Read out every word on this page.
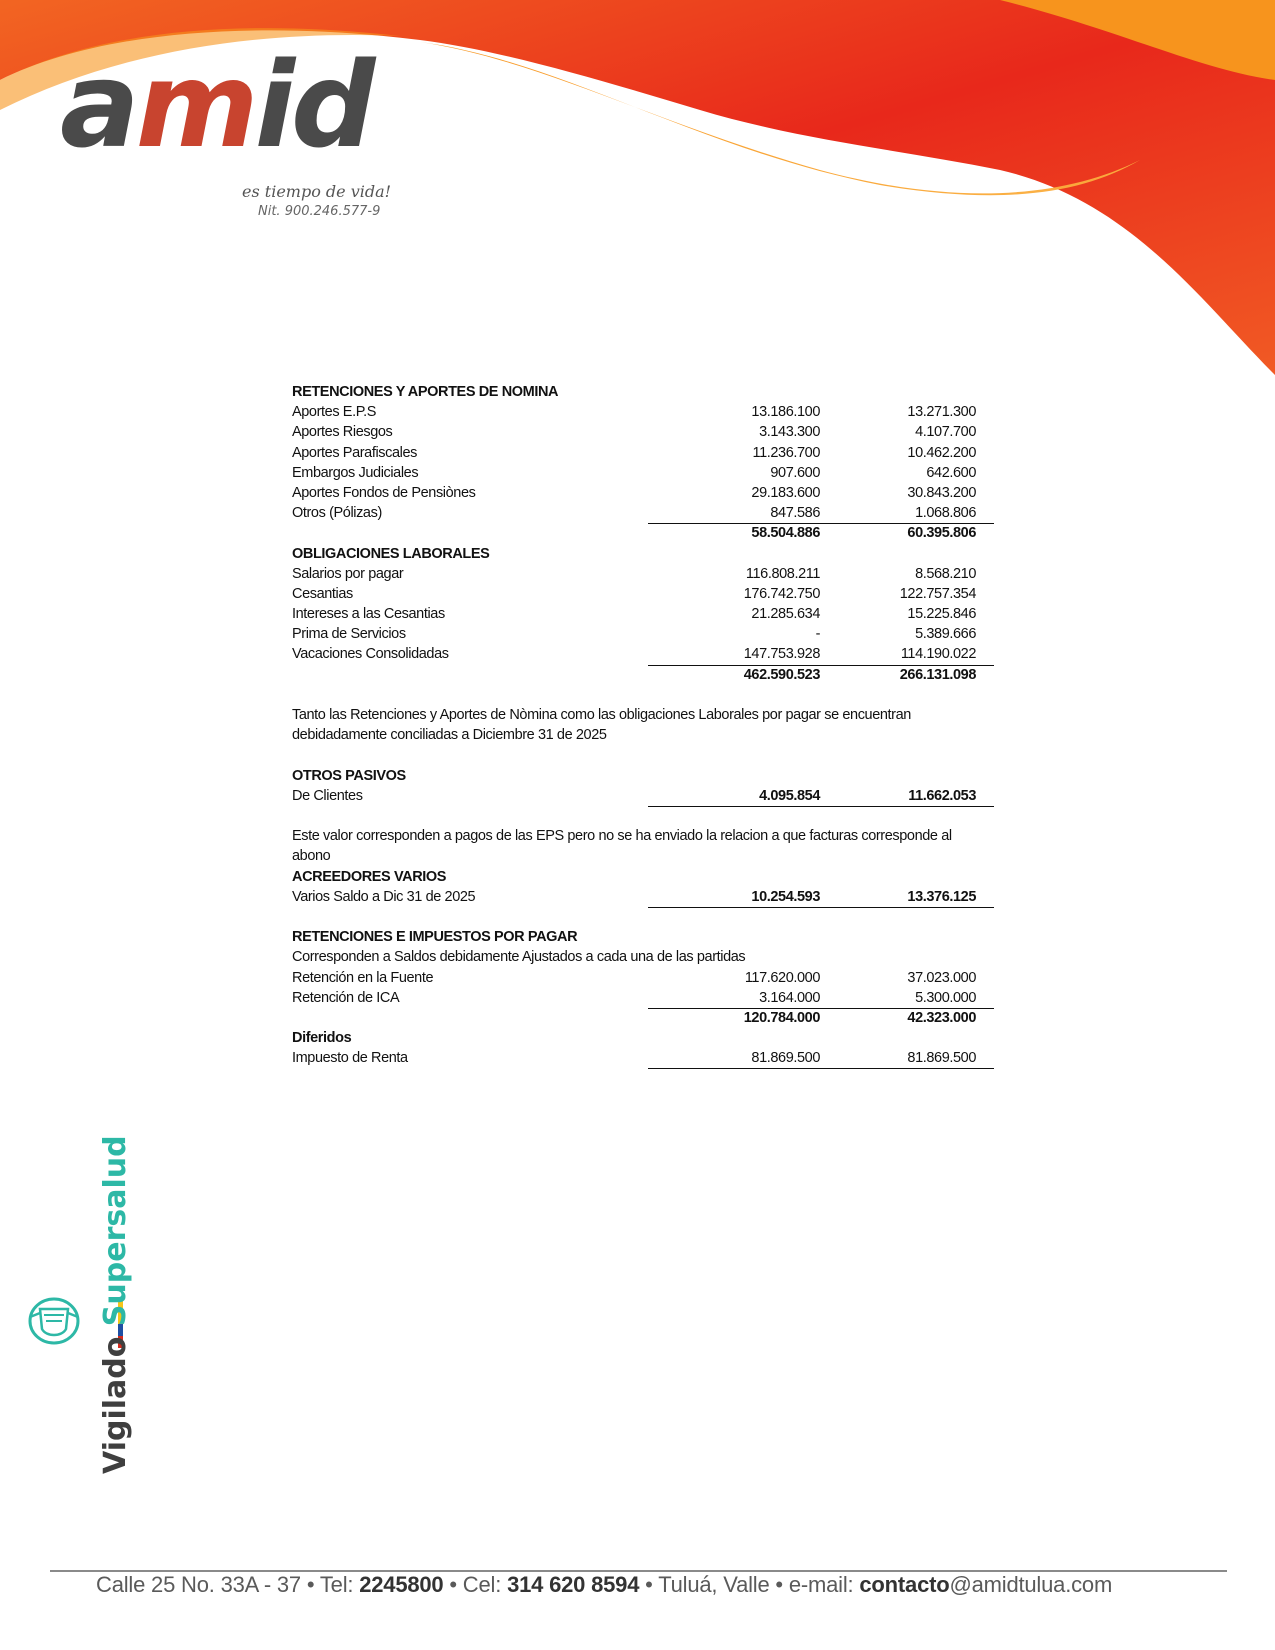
amid
es tiempo de vida!
Nit. 900.246.577-9
RETENCIONES Y APORTES DE NOMINA
Aportes E.P.S	13.186.100	13.271.300
Aportes Riesgos	3.143.300	4.107.700
Aportes Parafiscales	11.236.700	10.462.200
Embargos Judiciales	907.600	642.600
Aportes Fondos de Pensiònes	29.183.600	30.843.200
Otros (Pólizas)	847.586	1.068.806
58.504.886	60.395.806
OBLIGACIONES LABORALES
Salarios por pagar	116.808.211	8.568.210
Cesantias	176.742.750	122.757.354
Intereses a las Cesantias	21.285.634	15.225.846
Prima de Servicios	-	5.389.666
Vacaciones Consolidadas	147.753.928	114.190.022
462.590.523	266.131.098
Tanto las Retenciones y Aportes de Nòmina como las obligaciones Laborales por pagar se encuentran
debidadamente conciliadas a Diciembre 31 de 2025
OTROS PASIVOS
De Clientes	4.095.854	11.662.053
Este valor corresponden a pagos de las EPS pero no se ha enviado la relacion a que facturas corresponde al
abono
ACREEDORES VARIOS
Varios Saldo a Dic 31 de 2025	10.254.593	13.376.125
RETENCIONES E IMPUESTOS POR PAGAR
Corresponden a Saldos debidamente Ajustados a cada una de las partidas
Retención en la Fuente	117.620.000	37.023.000
Retención de ICA	3.164.000	5.300.000
120.784.000	42.323.000
Diferidos
Impuesto de Renta	81.869.500	81.869.500
Vigilado Supersalud
Calle 25 No. 33A - 37 • Tel: 2245800 • Cel: 314 620 8594 • Tuluá, Valle • e-mail: contacto@amidtulua.com
